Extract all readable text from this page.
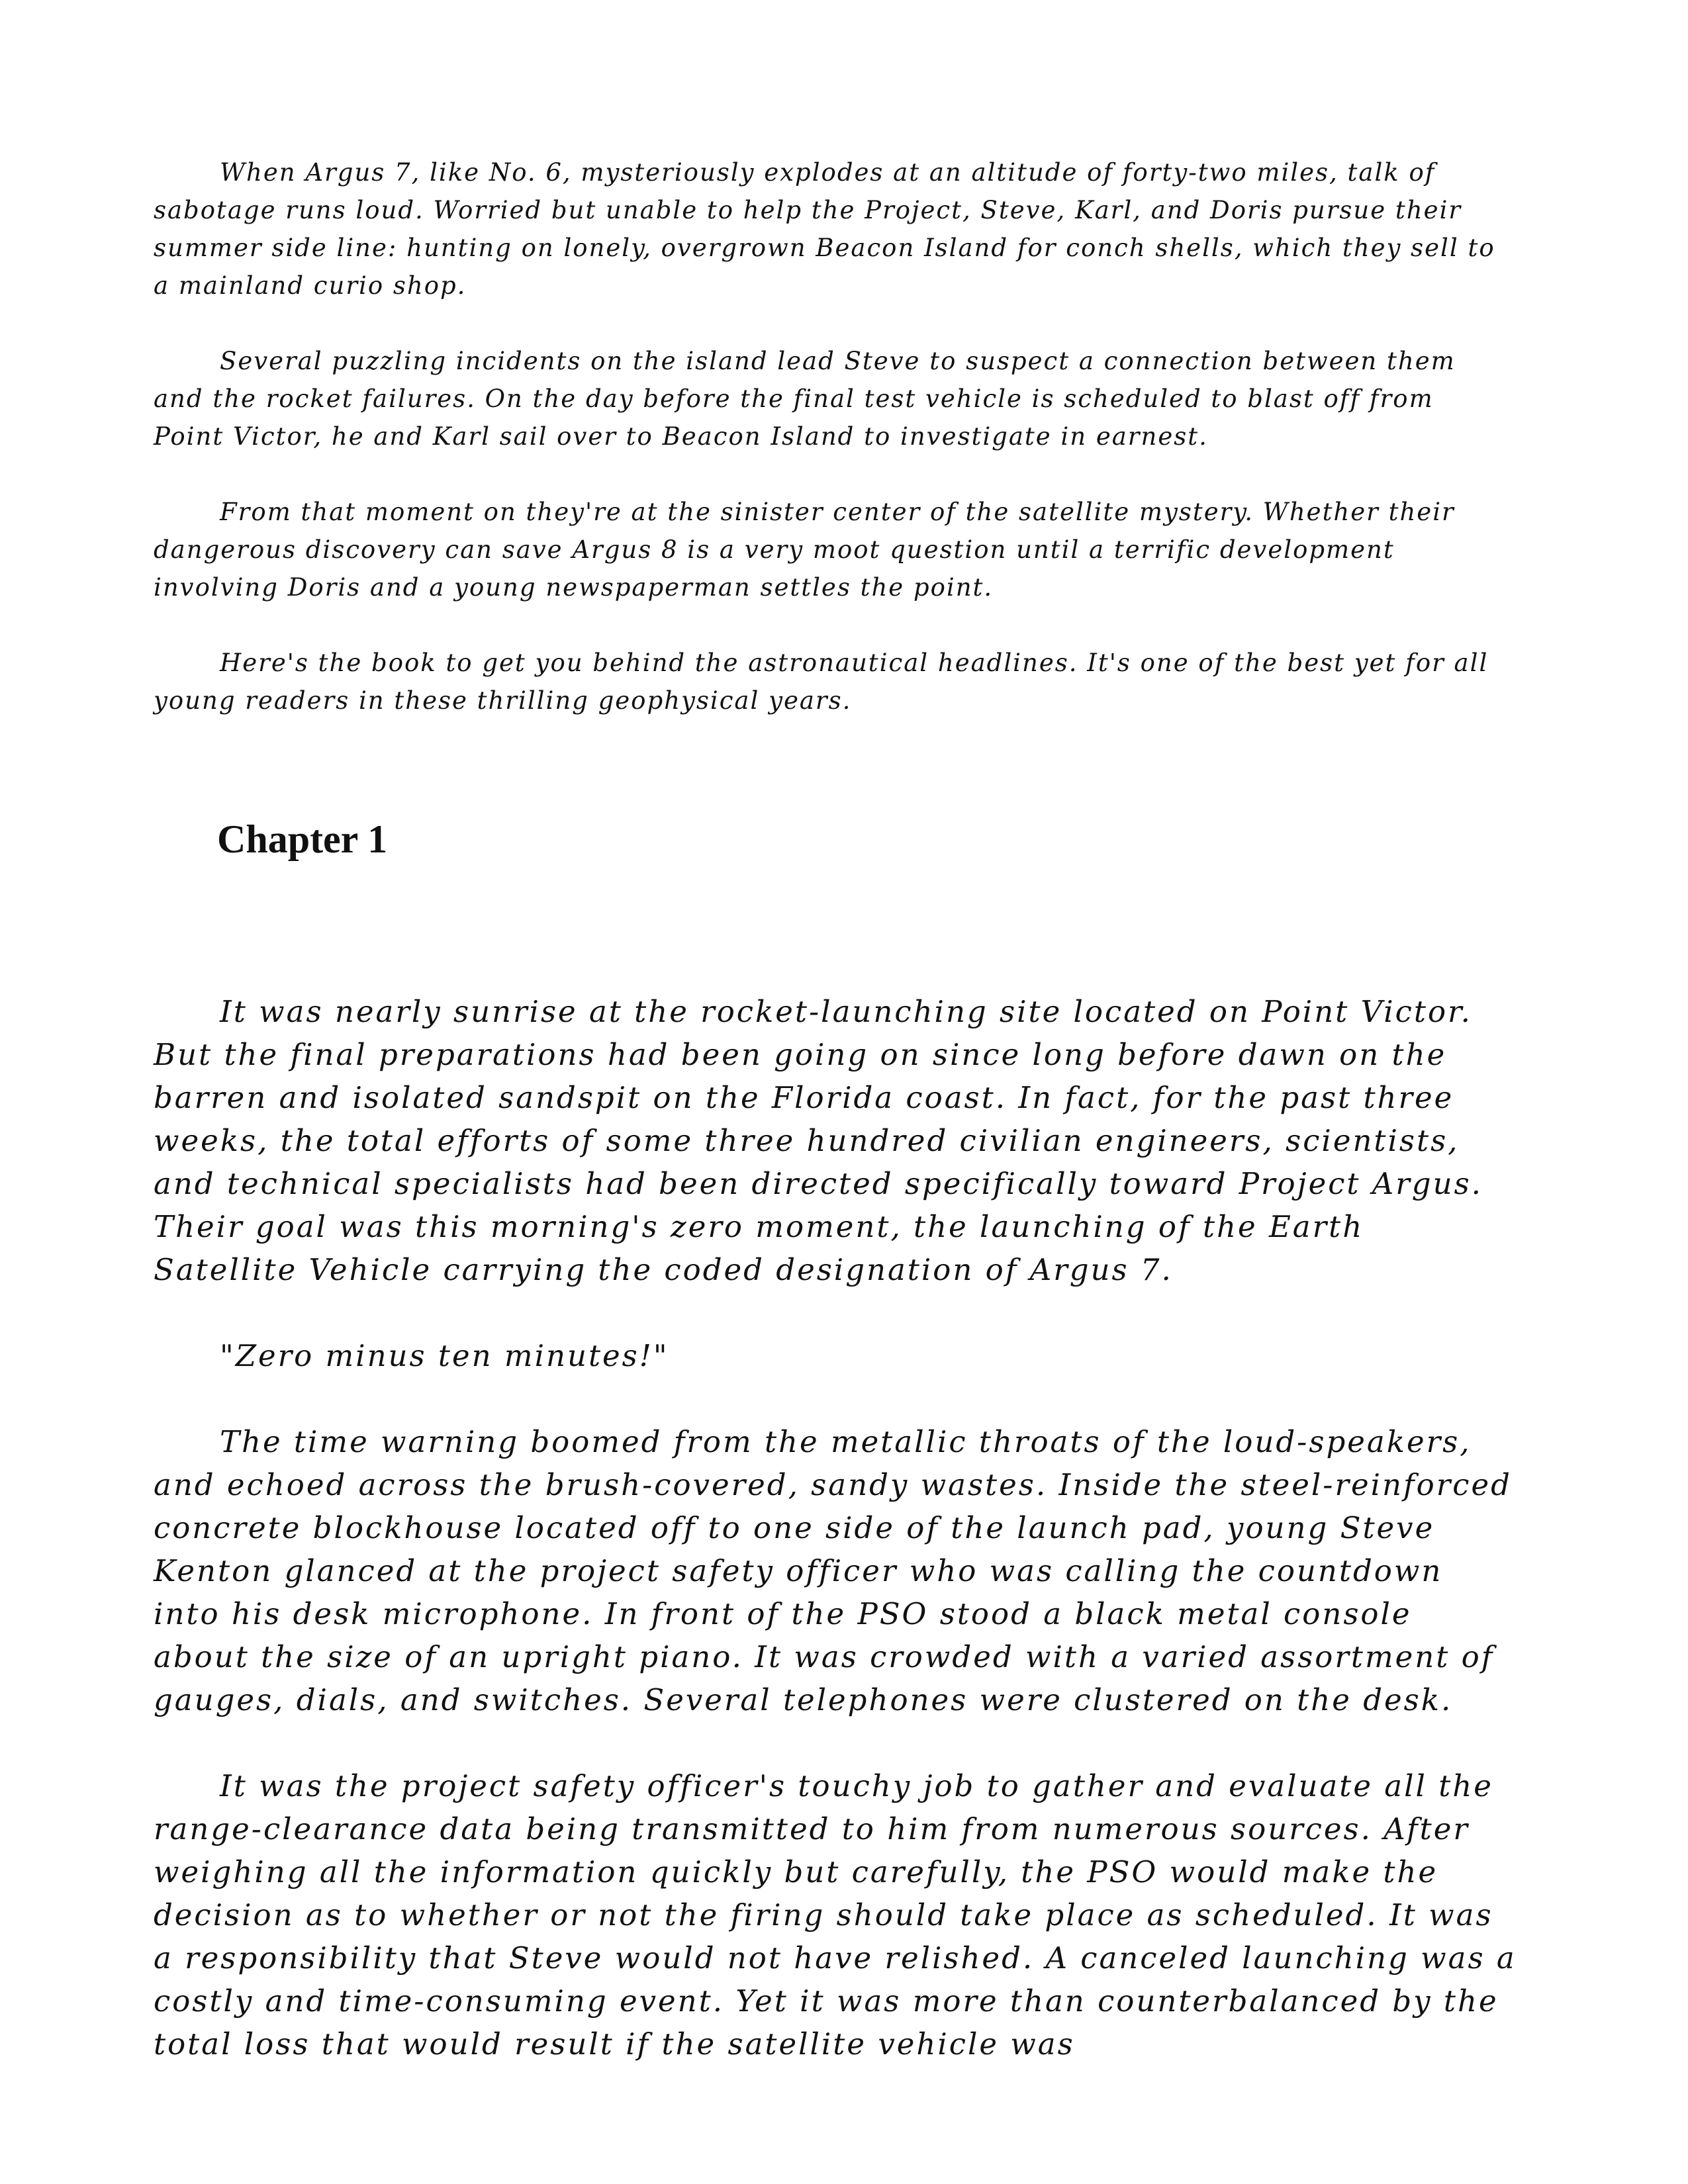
When Argus 7, like No. 6, mysteriously explodes at an altitude of forty-two miles, talk of sabotage runs loud. Worried but unable to help the Project, Steve, Karl, and Doris pursue their summer side line: hunting on lonely, overgrown Beacon Island for conch shells, which they sell to a mainland curio shop.

Several puzzling incidents on the island lead Steve to suspect a connection between them and the rocket failures. On the day before the final test vehicle is scheduled to blast off from Point Victor, he and Karl sail over to Beacon Island to investigate in earnest.

From that moment on they're at the sinister center of the satellite mystery. Whether their dangerous discovery can save Argus 8 is a very moot question until a terrific development involving Doris and a young newspaperman settles the point.

Here's the book to get you behind the astronautical headlines. It's one of the best yet for all young readers in these thrilling geophysical years.

Chapter 1

It was nearly sunrise at the rocket-launching site located on Point Victor. But the final preparations had been going on since long before dawn on the barren and isolated sandspit on the Florida coast. In fact, for the past three weeks, the total efforts of some three hundred civilian engineers, scientists, and technical specialists had been directed specifically toward Project Argus. Their goal was this morning's zero moment, the launching of the Earth Satellite Vehicle carrying the coded designation of Argus 7.

"Zero minus ten minutes!"

The time warning boomed from the metallic throats of the loud-speakers, and echoed across the brush-covered, sandy wastes. Inside the steel-reinforced concrete blockhouse located off to one side of the launch pad, young Steve Kenton glanced at the project safety officer who was calling the countdown into his desk microphone. In front of the PSO stood a black metal console about the size of an upright piano. It was crowded with a varied assortment of gauges, dials, and switches. Several telephones were clustered on the desk.

It was the project safety officer's touchy job to gather and evaluate all the range-clearance data being transmitted to him from numerous sources. After weighing all the information quickly but carefully, the PSO would make the decision as to whether or not the firing should take place as scheduled. It was a responsibility that Steve would not have relished. A canceled launching was a costly and time-consuming event. Yet it was more than counterbalanced by the total loss that would result if the satellite vehicle was
